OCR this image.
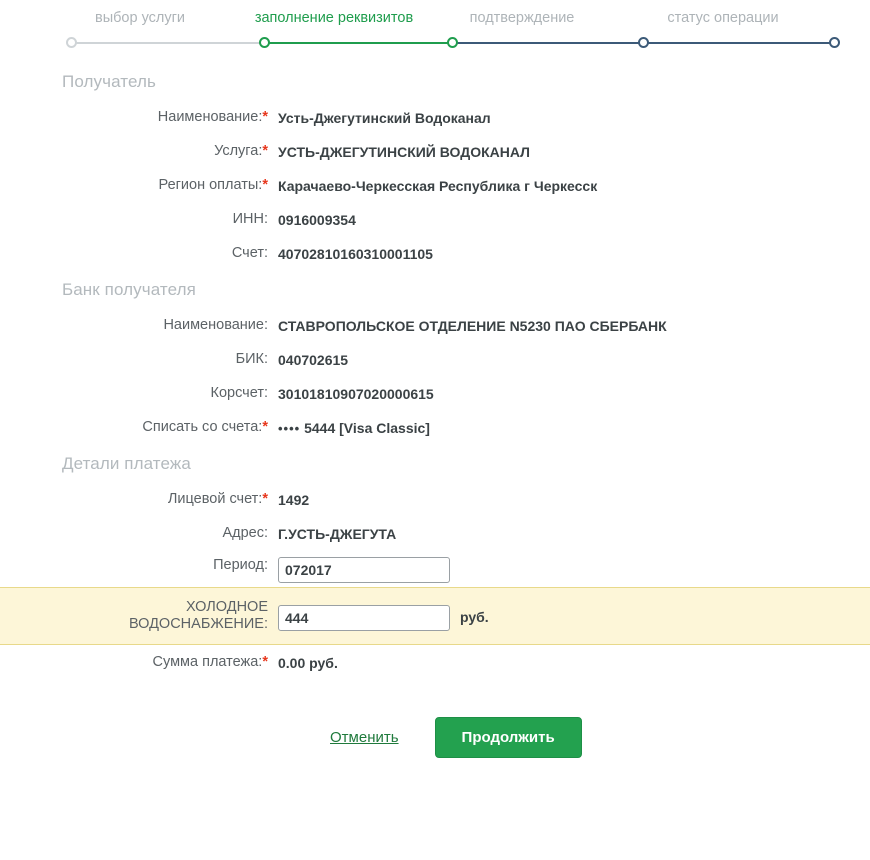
выбор услуги	заполнение реквизитов	подтверждение	статус операции
Получатель
Наименование:* Усть-Джегутинский Водоканал
Услуга:* УСТЬ-ДЖЕГУТИНСКИЙ ВОДОКАНАЛ
Регион оплаты:* Карачаево-Черкесская Республика г Черкесск
ИНН: 0916009354
Счет: 40702810160310001105
Банк получателя
Наименование: СТАВРОПОЛЬСКОЕ ОТДЕЛЕНИЕ N5230 ПАО СБЕРБАНК
БИК: 040702615
Корсчет: 30101810907020000615
Списать со счета:* ••••
5444 [Visa Classic]
Детали платежа
Лицевой счет:* 1492
Адрес: Г.УСТЬ-ДЖЕГУТА
Период:
072017
ХОЛОДНОЕ
ВОДОСНАБЖЕНИЕ:
444	руб.
Сумма платежа:* 0.00 руб.
Отменить	Продолжить
